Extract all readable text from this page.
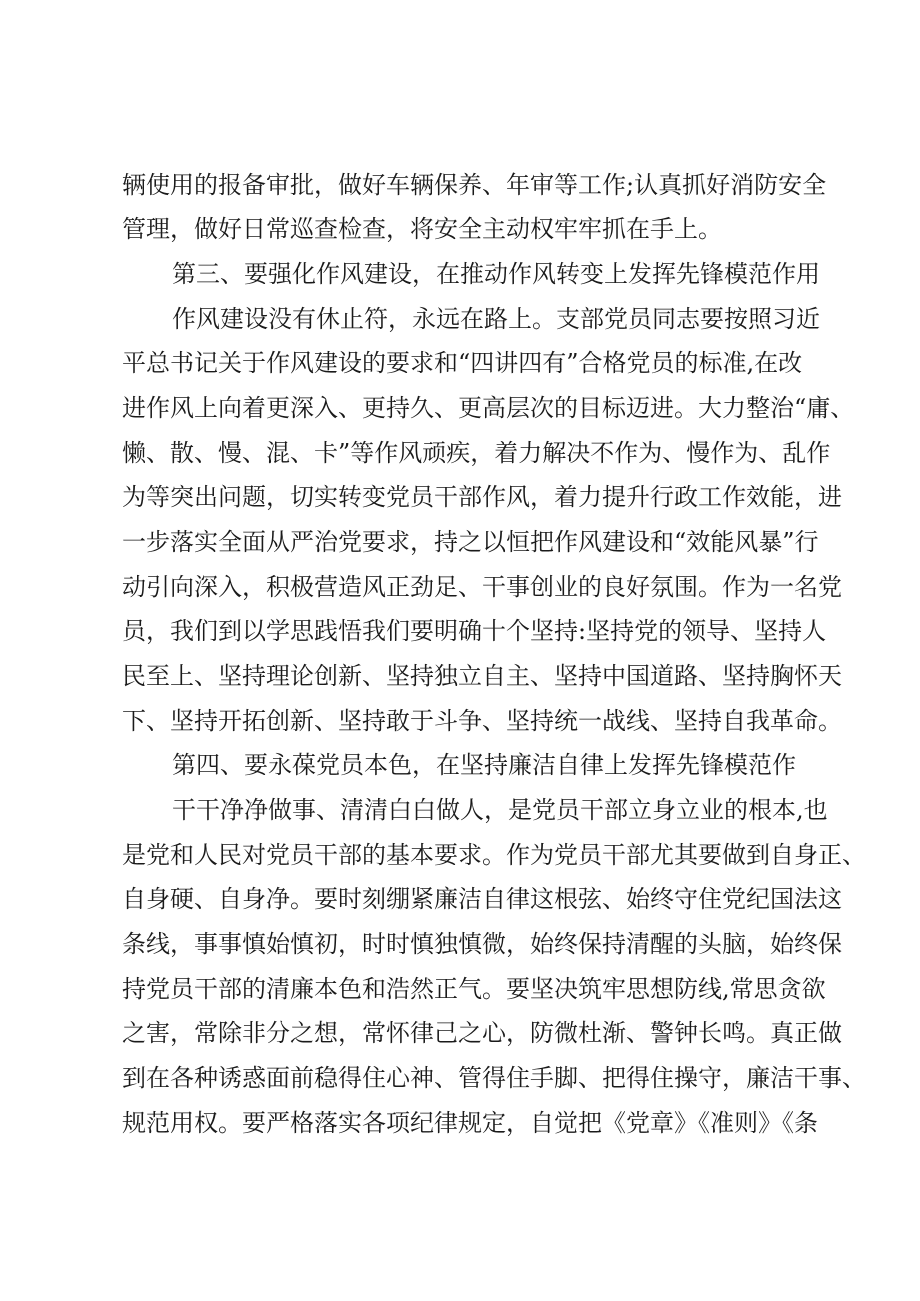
辆使用的报备审批，做好车辆保养、年审等工作;认真抓好消防安全
管理，做好日常巡查检查，将安全主动权牢牢抓在手上。
第三、要强化作风建设，在推动作风转变上发挥先锋模范作用
作风建设没有休止符，永远在路上。支部党员同志要按照习近
平总书记关于作风建设的要求和“四讲四有”合格党员的标准,在改
进作风上向着更深入、更持久、更高层次的目标迈进。大力整治“庸、
懒、散、慢、混、卡”等作风顽疾，着力解决不作为、慢作为、乱作
为等突出问题，切实转变党员干部作风，着力提升行政工作效能，进
一步落实全面从严治党要求，持之以恒把作风建设和“效能风暴”行
动引向深入，积极营造风正劲足、干事创业的良好氛围。作为一名党
员，我们到以学思践悟我们要明确十个坚持:坚持党的领导、坚持人
民至上、坚持理论创新、坚持独立自主、坚持中国道路、坚持胸怀天
下、坚持开拓创新、坚持敢于斗争、坚持统一战线、坚持自我革命。
第四、要永葆党员本色，在坚持廉洁自律上发挥先锋模范作
干干净净做事、清清白白做人，是党员干部立身立业的根本,也
是党和人民对党员干部的基本要求。作为党员干部尤其要做到自身正、
自身硬、自身净。要时刻绷紧廉洁自律这根弦、始终守住党纪国法这
条线，事事慎始慎初，时时慎独慎微，始终保持清醒的头脑，始终保
持党员干部的清廉本色和浩然正气。要坚决筑牢思想防线,常思贪欲
之害，常除非分之想，常怀律己之心，防微杜渐、警钟长鸣。真正做
到在各种诱惑面前稳得住心神、管得住手脚、把得住操守，廉洁干事、
规范用权。要严格落实各项纪律规定，自觉把《党章》《准则》《条
